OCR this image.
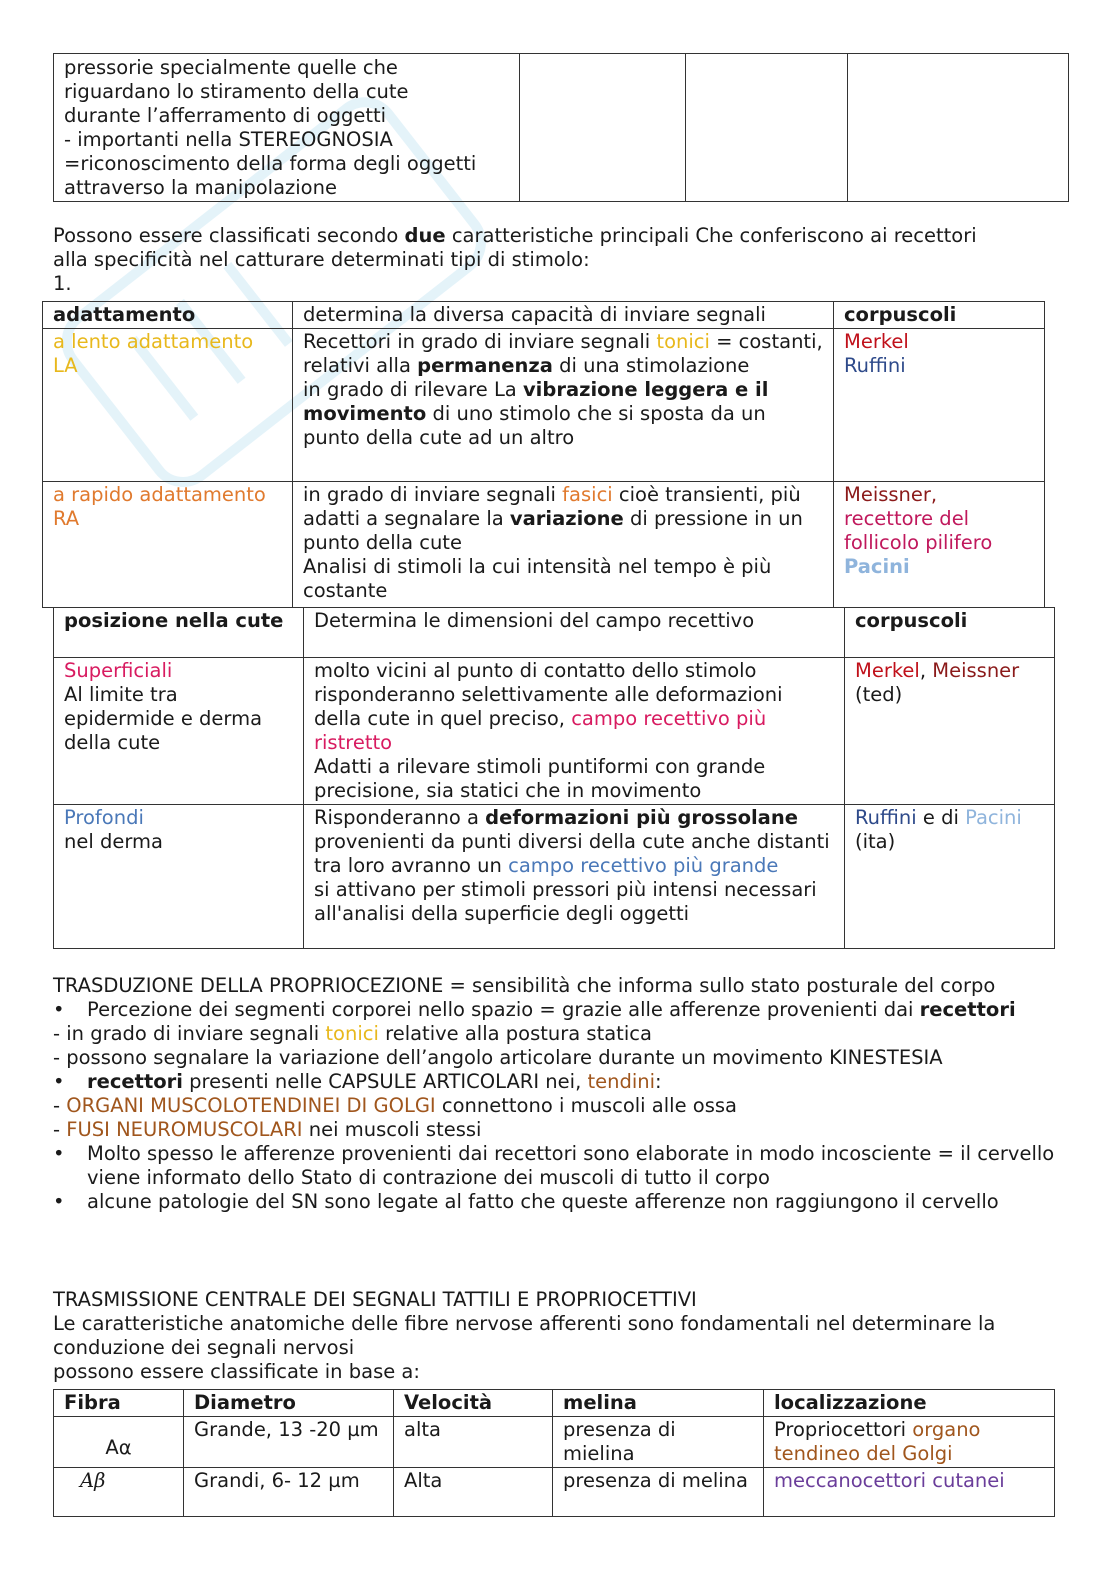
pressorie specialmente quelle che
riguardano lo stiramento della cute
durante l’afferramento di oggetti
- importanti nella STEREOGNOSIA
=riconoscimento della forma degli oggetti
attraverso la manipolazione

Possono essere classificati secondo due caratteristiche principali Che conferiscono ai recettori

alla specificità nel catturare determinati tipi di stimolo:

1.

adattamento	determina la diversa capacità di inviare segnali	corpuscoli
a lento adattamento LA	Recettori in grado di inviare segnali tonici = costanti, relativi alla permanenza di una stimolazione
in grado di rilevare La vibrazione leggera e il movimento di uno stimolo che si sposta da un punto della cute ad un altro	Merkel
Ruffini

a rapido adattamento RA	in grado di inviare segnali fasici cioè transienti, più adatti a segnalare la variazione di pressione in un punto della cute
Analisi di stimoli la cui intensità nel tempo è più costante	Meissner,
recettore del follicolo pilifero
Pacini
posizione nella cute	Determina le dimensioni del campo recettivo	corpuscoli

Superficiali
Al limite tra epidermide e derma della cute	molto vicini al punto di contatto dello stimolo risponderanno selettivamente alle deformazioni della cute in quel preciso, campo recettivo più ristretto
Adatti a rilevare stimoli puntiformi con grande precisione, sia statici che in movimento	Merkel, Meissner
(ted)

Profondi
nel derma	Risponderanno a deformazioni più grossolane provenienti da punti diversi della cute anche distanti tra loro avranno un campo recettivo più grande
si attivano per stimoli pressori più intensi necessari all'analisi della superficie degli oggetti	Ruffini e di Pacini
(ita)

TRASDUZIONE DELLA PROPRIOCEZIONE = sensibilità che informa sullo stato posturale del corpo

• Percezione dei segmenti corporei nello spazio = grazie alle afferenze provenienti dai recettori

- in grado di inviare segnali tonici relative alla postura statica

- possono segnalare la variazione dell’angolo articolare durante un movimento KINESTESIA

• recettori presenti nelle CAPSULE ARTICOLARI nei, tendini:

- ORGANI MUSCOLOTENDINEI DI GOLGI connettono i muscoli alle ossa

- FUSI NEUROMUSCOLARI nei muscoli stessi

• Molto spesso le afferenze provenienti dai recettori sono elaborate in modo incosciente = il cervello viene informato dello Stato di contrazione dei muscoli di tutto il corpo
• alcune patologie del SN sono legate al fatto che queste afferenze non raggiungono il cervello

TRASMISSIONE CENTRALE DEI SEGNALI TATTILI E PROPRIOCETTIVI

Le caratteristiche anatomiche delle fibre nervose afferenti sono fondamentali nel determinare la conduzione dei segnali nervosi

possono essere classificate in base a:

Fibra	Diametro	Velocità	melina	localizzazione
Aα	Grande, 13 -20 µm	alta	presenza di mielina	Propriocettori organo tendineo del Golgi
Aβ	Grandi, 6- 12 µm	Alta	presenza di melina	meccanocettori cutanei
